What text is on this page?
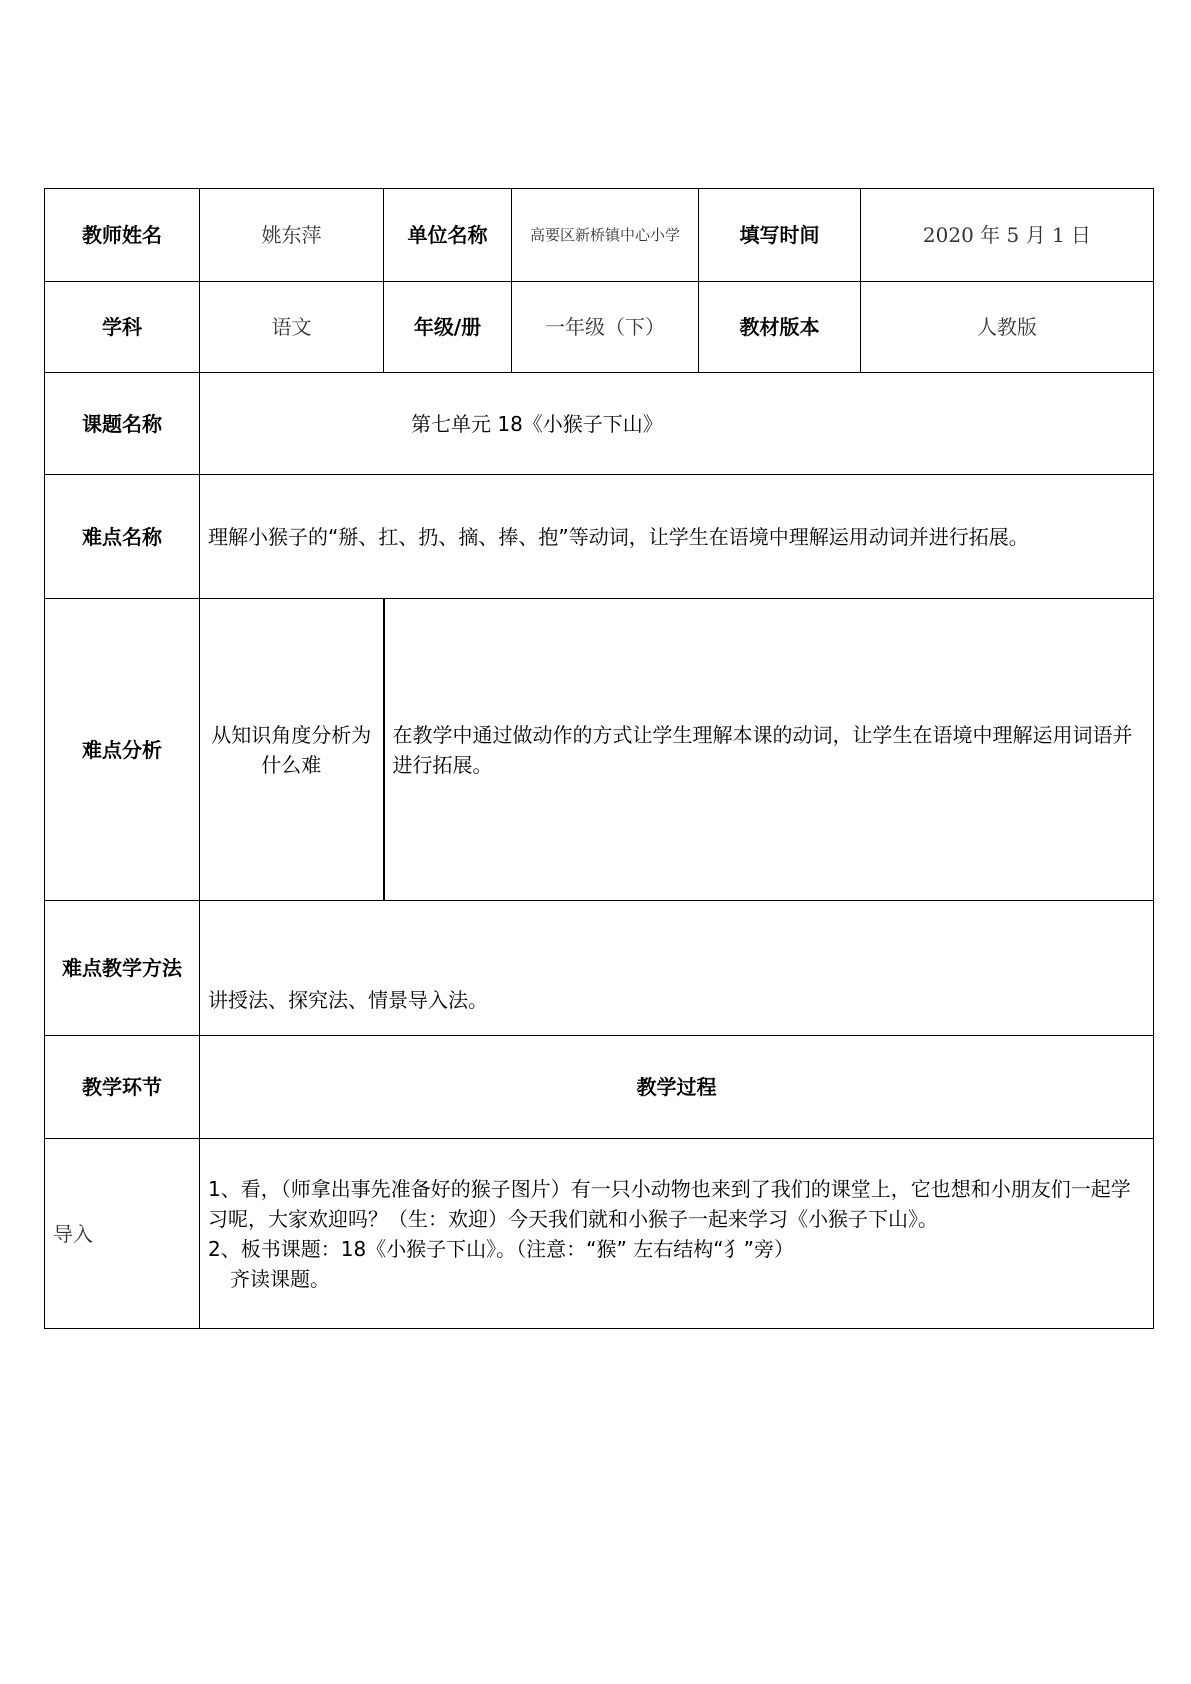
教师姓名	姚东萍	单位名称	高要区新桥镇中心小学	填写时间	2020 年 5 月 1 日
学科	语文	年级/册	一年级（下）	教材版本	人教版
课题名称	第七单元 18《小猴子下山》				
难点名称	理解小猴子的“掰、扛、扔、摘、捧、抱”等动词，让学生在语境中理解运用动词并进行拓展。				
难点分析	从知识角度分析为什么难	在教学中通过做动作的方式让学生理解本课的动词，让学生在语境中理解运用词语并进行拓展。			
难点教学方法	讲授法、探究法、情景导入法。				
教学环节	教学过程				
导入	1、看，（师拿出事先准备好的猴子图片）有一只小动物也来到了我们的课堂上，它也想和小朋友们一起学习呢，大家欢迎吗？（生：欢迎）今天我们就和小猴子一起来学习《小猴子下山》。
2、板书课题：18《小猴子下山》。（注意：“猴” 左右结构“犭”旁）
齐读课题。				
